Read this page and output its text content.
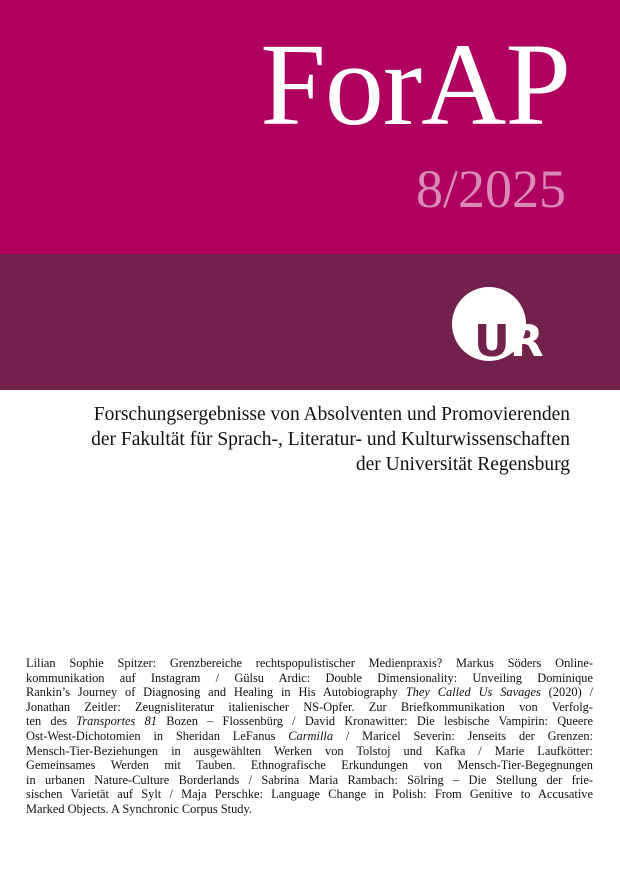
ForAP
8/2025
UR
Forschungsergebnisse von Absolventen und Promovierenden
der Fakultät für Sprach-, Literatur- und Kulturwissenschaften
der Universität Regensburg
Lilian Sophie Spitzer: Grenzbereiche rechtspopulistischer Medienpraxis? Markus Söders Online-
kommunikation auf Instagram / Gülsu Ardic: Double Dimensionality: Unveiling Dominique
Rankin’s Journey of Diagnosing and Healing in His Autobiography They Called Us Savages (2020) /
Jonathan Zeitler: Zeugnisliteratur italienischer NS-Opfer. Zur Briefkommunikation von Verfolg-
ten des Transportes 81 Bozen – Flossenbürg / David Kronawitter: Die lesbische Vampirin: Queere
Ost-West-Dichotomien in Sheridan LeFanus Carmilla / Maricel Severin: Jenseits der Grenzen:
Mensch-Tier-Beziehungen in ausgewählten Werken von Tolstoj und Kafka / Marie Laufkötter:
Gemeinsames Werden mit Tauben. Ethnografische Erkundungen von Mensch-Tier-Begegnungen
in urbanen Nature-Culture Borderlands / Sabrina Maria Rambach: Sölring – Die Stellung der frie-
sischen Varietät auf Sylt / Maja Perschke: Language Change in Polish: From Genitive to Accusative
Marked Objects. A Synchronic Corpus Study.
